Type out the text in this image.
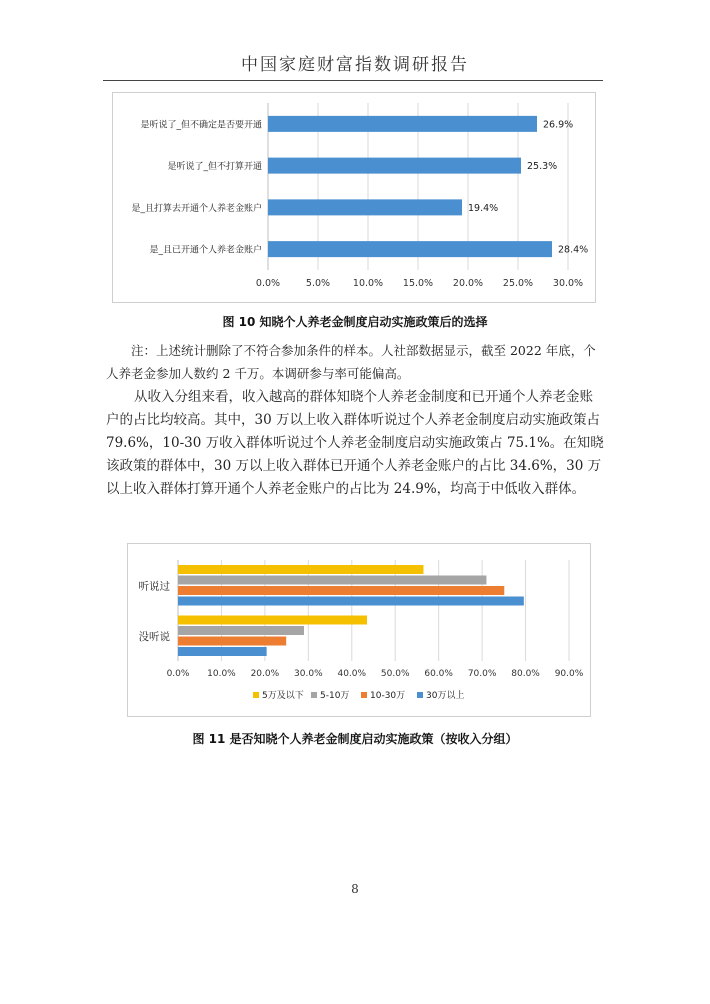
中国家庭财富指数调研报告
0.0%	5.0% 10.0% 15.0% 20.0% 25.0% 30.0%
是听说了_但不确定是否要开通	26.9%
是听说了_但不打算开通	25.3%
是_且打算去开通个人养老金账户	19.4%
是_且已开通个人养老金账户	28.4%
图 10 知晓个人养老金制度启动实施政策后的选择
注：上述统计删除了不符合参加条件的样本。人社部数据显示，截至 2022 年底，个人养老金参加人数约 2 千万。本调研参与率可能偏高。
从收入分组来看，收入越高的群体知晓个人养老金制度和已开通个人养老金账户的占比均较高。其中，30 万以上收入群体听说过个人养老金制度启动实施政策占 79.6%，10-30 万收入群体听说过个人养老金制度启动实施政策占 75.1%。在知晓该政策的群体中，30 万以上收入群体已开通个人养老金账户的占比 34.6%，30 万以上收入群体打算开通个人养老金账户的占比为 24.9%，均高于中低收入群体。
0.0% 10.0% 20.0% 30.0% 40.0% 50.0% 60.0% 70.0% 80.0% 90.0%
听说过
没听说
5万及以下 5-10万 10-30万 30万以上
图 11 是否知晓个人养老金制度启动实施政策（按收入分组）
8
